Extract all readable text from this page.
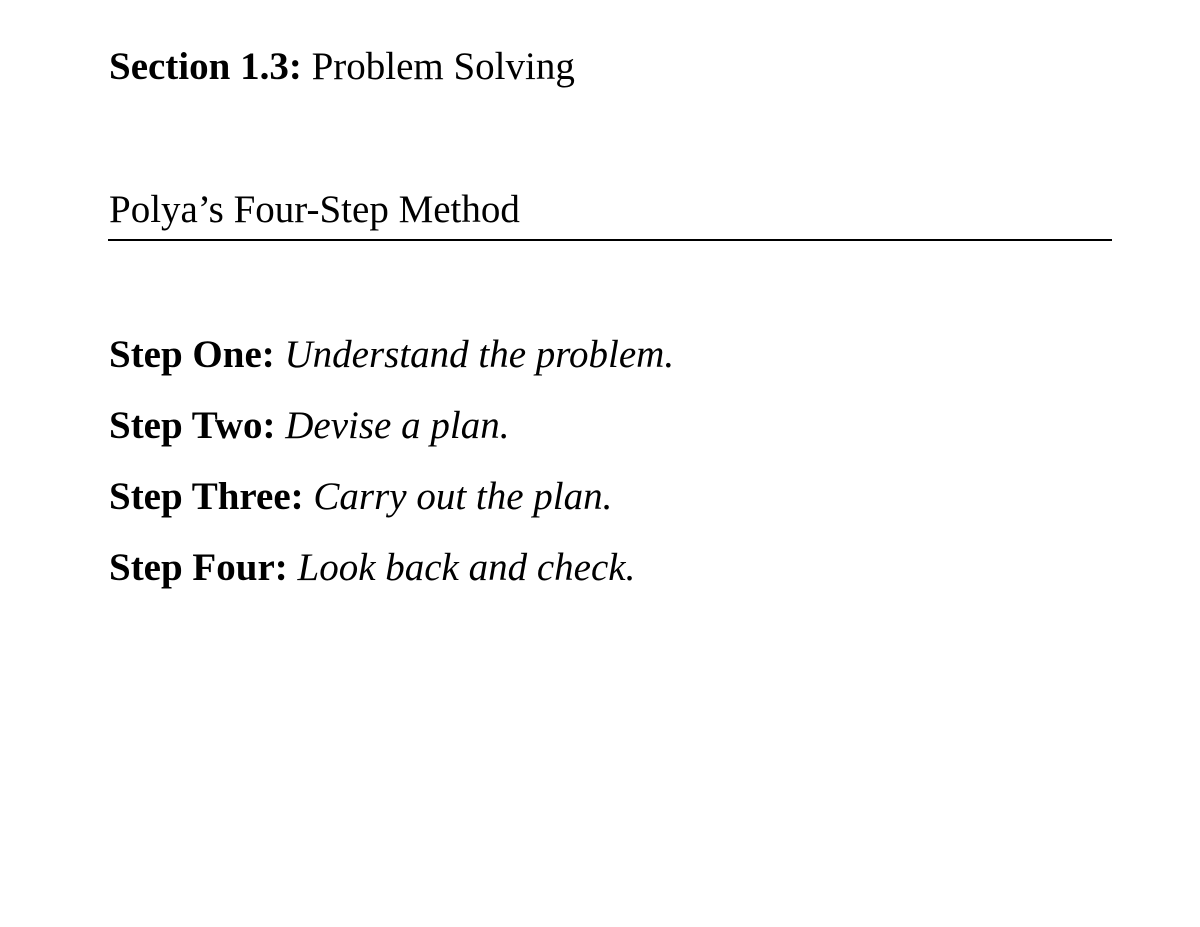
Section 1.3: Problem Solving
Polya’s Four-Step Method
Step One: Understand the problem.
Step Two: Devise a plan.
Step Three: Carry out the plan.
Step Four: Look back and check.
